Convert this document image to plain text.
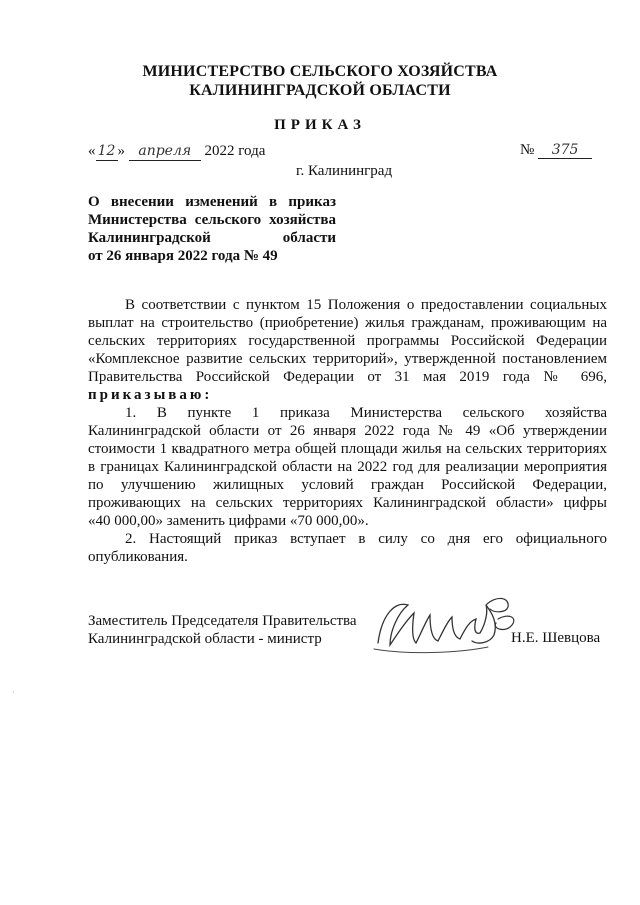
МИНИСТЕРСТВО СЕЛЬСКОГО ХОЗЯЙСТВА
КАЛИНИНГРАДСКОЙ ОБЛАСТИ
ПРИКАЗ
« 12 » апреля 2022 года	№ 375
г. Калининград
О внесении изменений в приказ
Министерства сельского хозяйства
Калининградской области
от 26 января 2022 года № 49
В соответствии с пунктом 15 Положения о предоставлении социальных
выплат на строительство (приобретение) жилья гражданам, проживающим на
сельских территориях государственной программы Российской Федерации
«Комплексное развитие сельских территорий», утвержденной постановлением
Правительства Российской Федерации от 31 мая 2019 года № 696,
приказываю:
1. В пункте 1 приказа Министерства сельского хозяйства
Калининградской области от 26 января 2022 года № 49 «Об утверждении
стоимости 1 квадратного метра общей площади жилья на сельских территориях
в границах Калининградской области на 2022 год для реализации мероприятия
по улучшению жилищных условий граждан Российской Федерации,
проживающих на сельских территориях Калининградской области» цифры
«40 000,00» заменить цифрами «70 000,00».
2. Настоящий приказ вступает в силу со дня его официального
опубликования.
Заместитель Председателя Правительства
Калининградской области - министр	Н.Е. Шевцова
·
